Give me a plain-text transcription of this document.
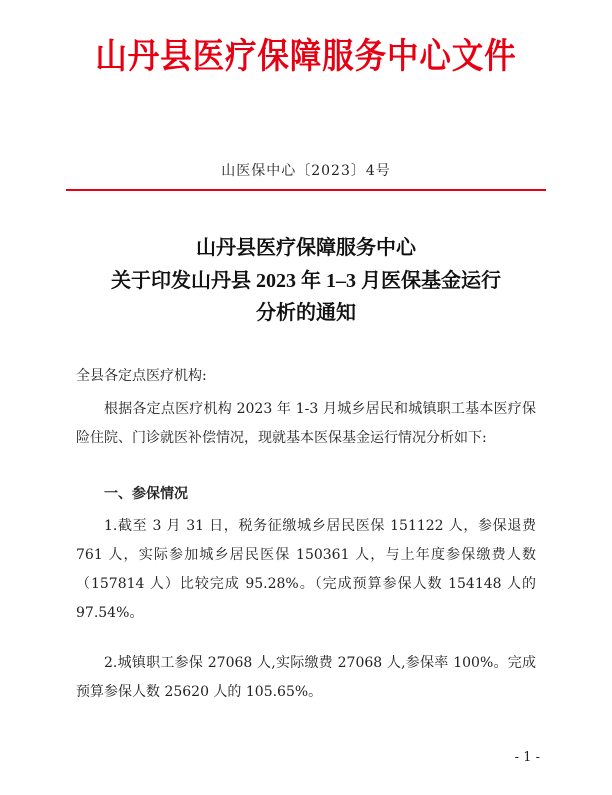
山丹县医疗保障服务中心文件
山医保中心〔2023〕4号
山丹县医疗保障服务中心
关于印发山丹县 2023 年 1–3 月医保基金运行
分析的通知
全县各定点医疗机构:

根据各定点医疗机构 2023 年 1-3 月城乡居民和城镇职工基本医疗保险住院、门诊就医补偿情况，现就基本医保基金运行情况分析如下:

一、参保情况

1.截至 3 月 31 日，税务征缴城乡居民医保 151122 人，参保退费 761 人，实际参加城乡居民医保 150361 人，与上年度参保缴费人数（157814 人）比较完成 95.28%。（完成预算参保人数 154148 人的 97.54%。

2.城镇职工参保 27068 人,实际缴费 27068 人,参保率 100%。完成预算参保人数 25620 人的 105.65%。

- 1 -
